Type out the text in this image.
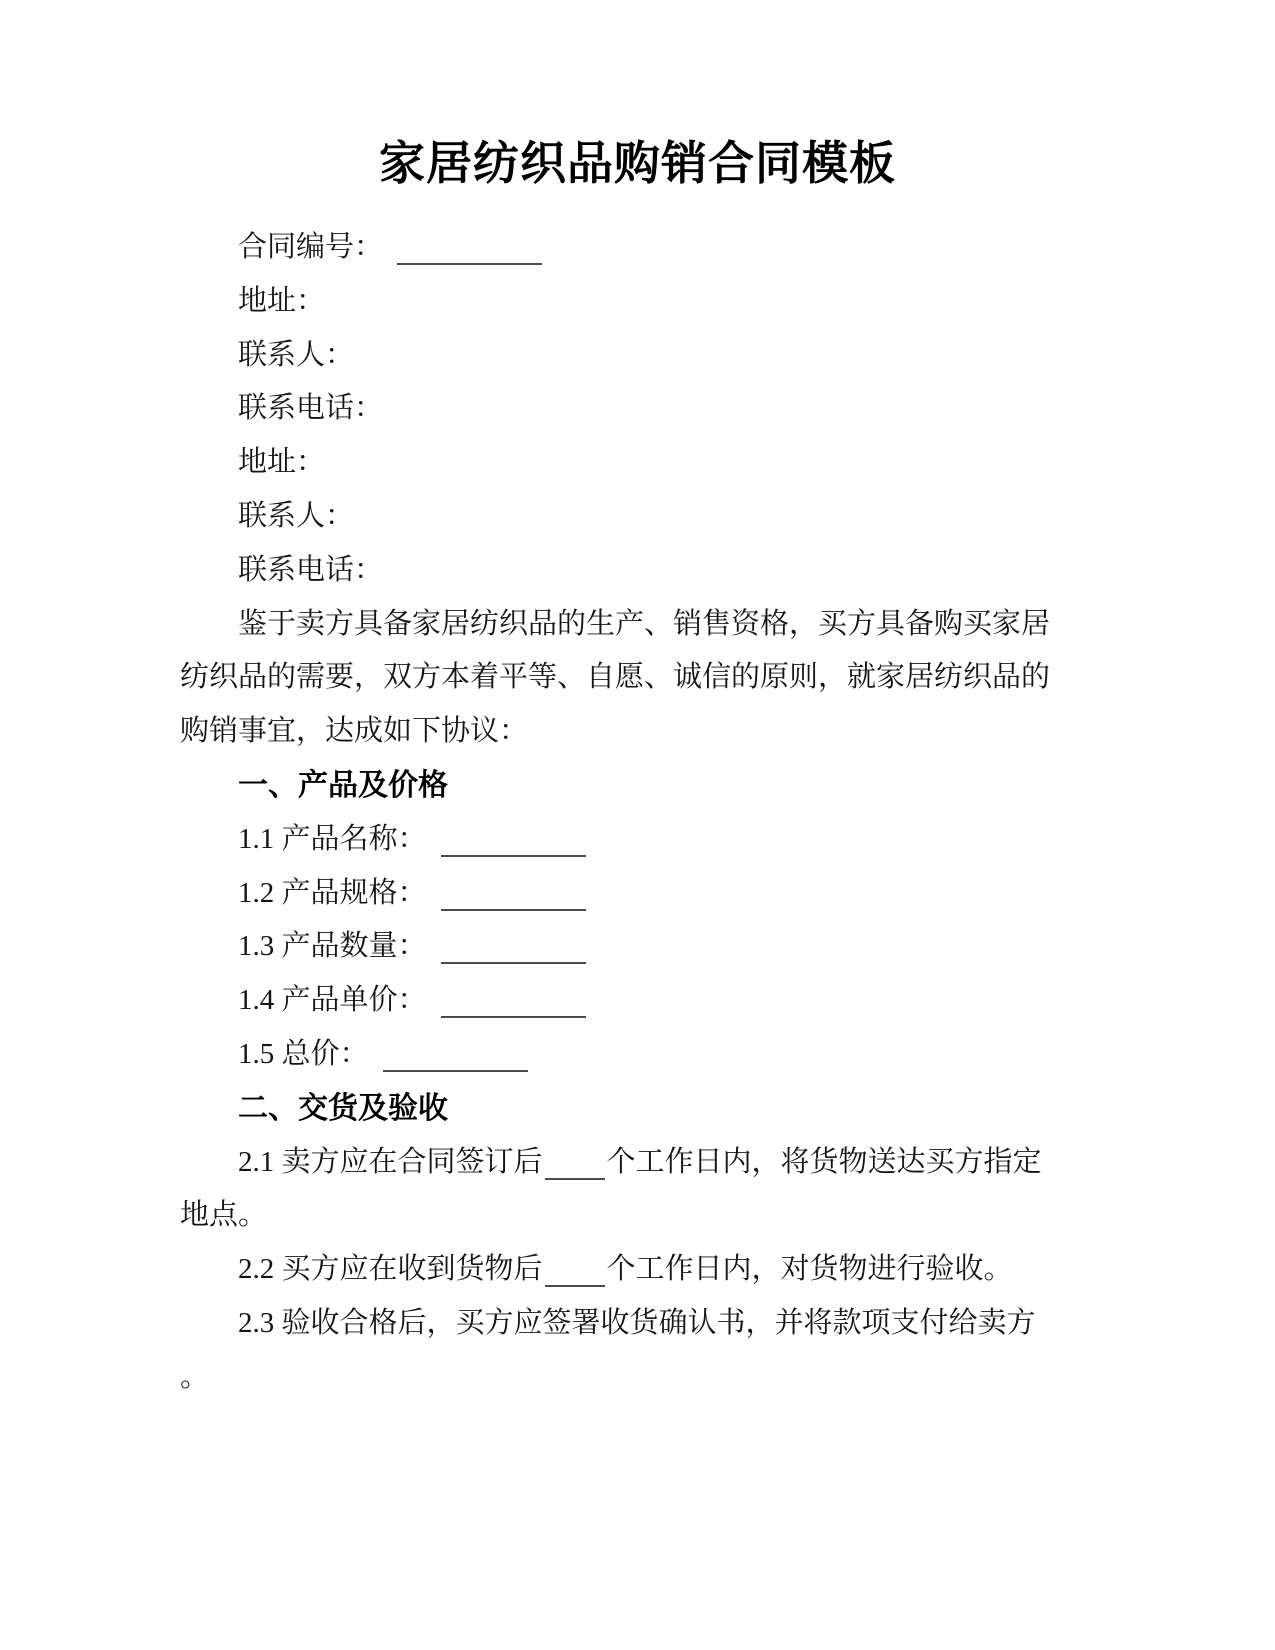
家居纺织品购销合同模板

合同编号：

地址：

联系人：

联系电话：

地址：

联系人：

联系电话：

鉴于卖方具备家居纺织品的生产、销售资格，买方具备购买家居

纺织品的需要，双方本着平等、自愿、诚信的原则，就家居纺织品的

购销事宜，达成如下协议：

一、产品及价格

1.1 产品名称：

1.2 产品规格：

1.3 产品数量：

1.4 产品单价：

1.5 总价：

二、交货及验收

2.1 卖方应在合同签订后 个工作日内，将货物送达买方指定

地点。

2.2 买方应在收到货物后 个工作日内，对货物进行验收。

2.3 验收合格后，买方应签署收货确认书，并将款项支付给卖方

。
